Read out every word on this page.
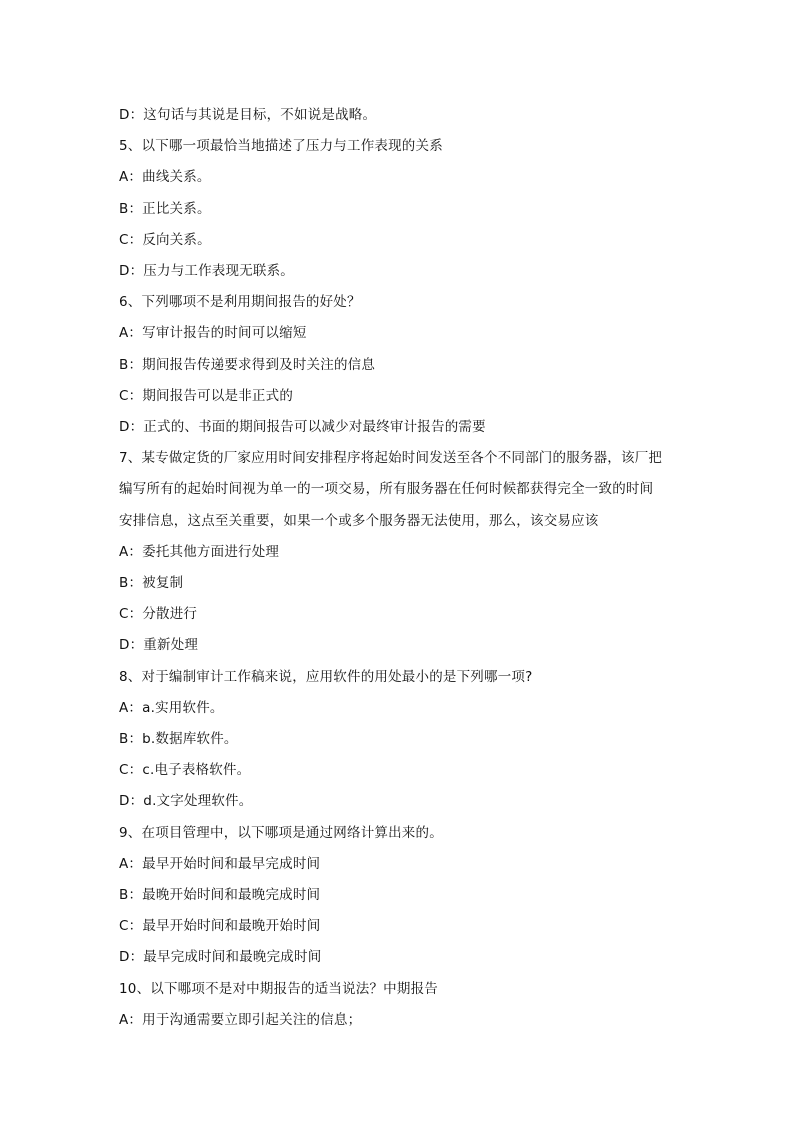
D：这句话与其说是目标，不如说是战略。
5、以下哪一项最恰当地描述了压力与工作表现的关系
A：曲线关系。
B：正比关系。
C：反向关系。
D：压力与工作表现无联系。
6、下列哪项不是利用期间报告的好处？
A：写审计报告的时间可以缩短
B：期间报告传递要求得到及时关注的信息
C：期间报告可以是非正式的
D：正式的、书面的期间报告可以减少对最终审计报告的需要
7、某专做定货的厂家应用时间安排程序将起始时间发送至各个不同部门的服务器，该厂把
编写所有的起始时间视为单一的一项交易，所有服务器在任何时候都获得完全一致的时间
安排信息，这点至关重要，如果一个或多个服务器无法使用，那么，该交易应该
A：委托其他方面进行处理
B：被复制
C：分散进行
D：重新处理
8、对于编制审计工作稿来说，应用软件的用处最小的是下列哪一项?
A：a.实用软件。
B：b.数据库软件。
C：c.电子表格软件。
D：d.文字处理软件。
9、在项目管理中，以下哪项是通过网络计算出来的。
A：最早开始时间和最早完成时间
B：最晚开始时间和最晚完成时间
C：最早开始时间和最晚开始时间
D：最早完成时间和最晚完成时间
10、以下哪项不是对中期报告的适当说法？中期报告
A：用于沟通需要立即引起关注的信息；
